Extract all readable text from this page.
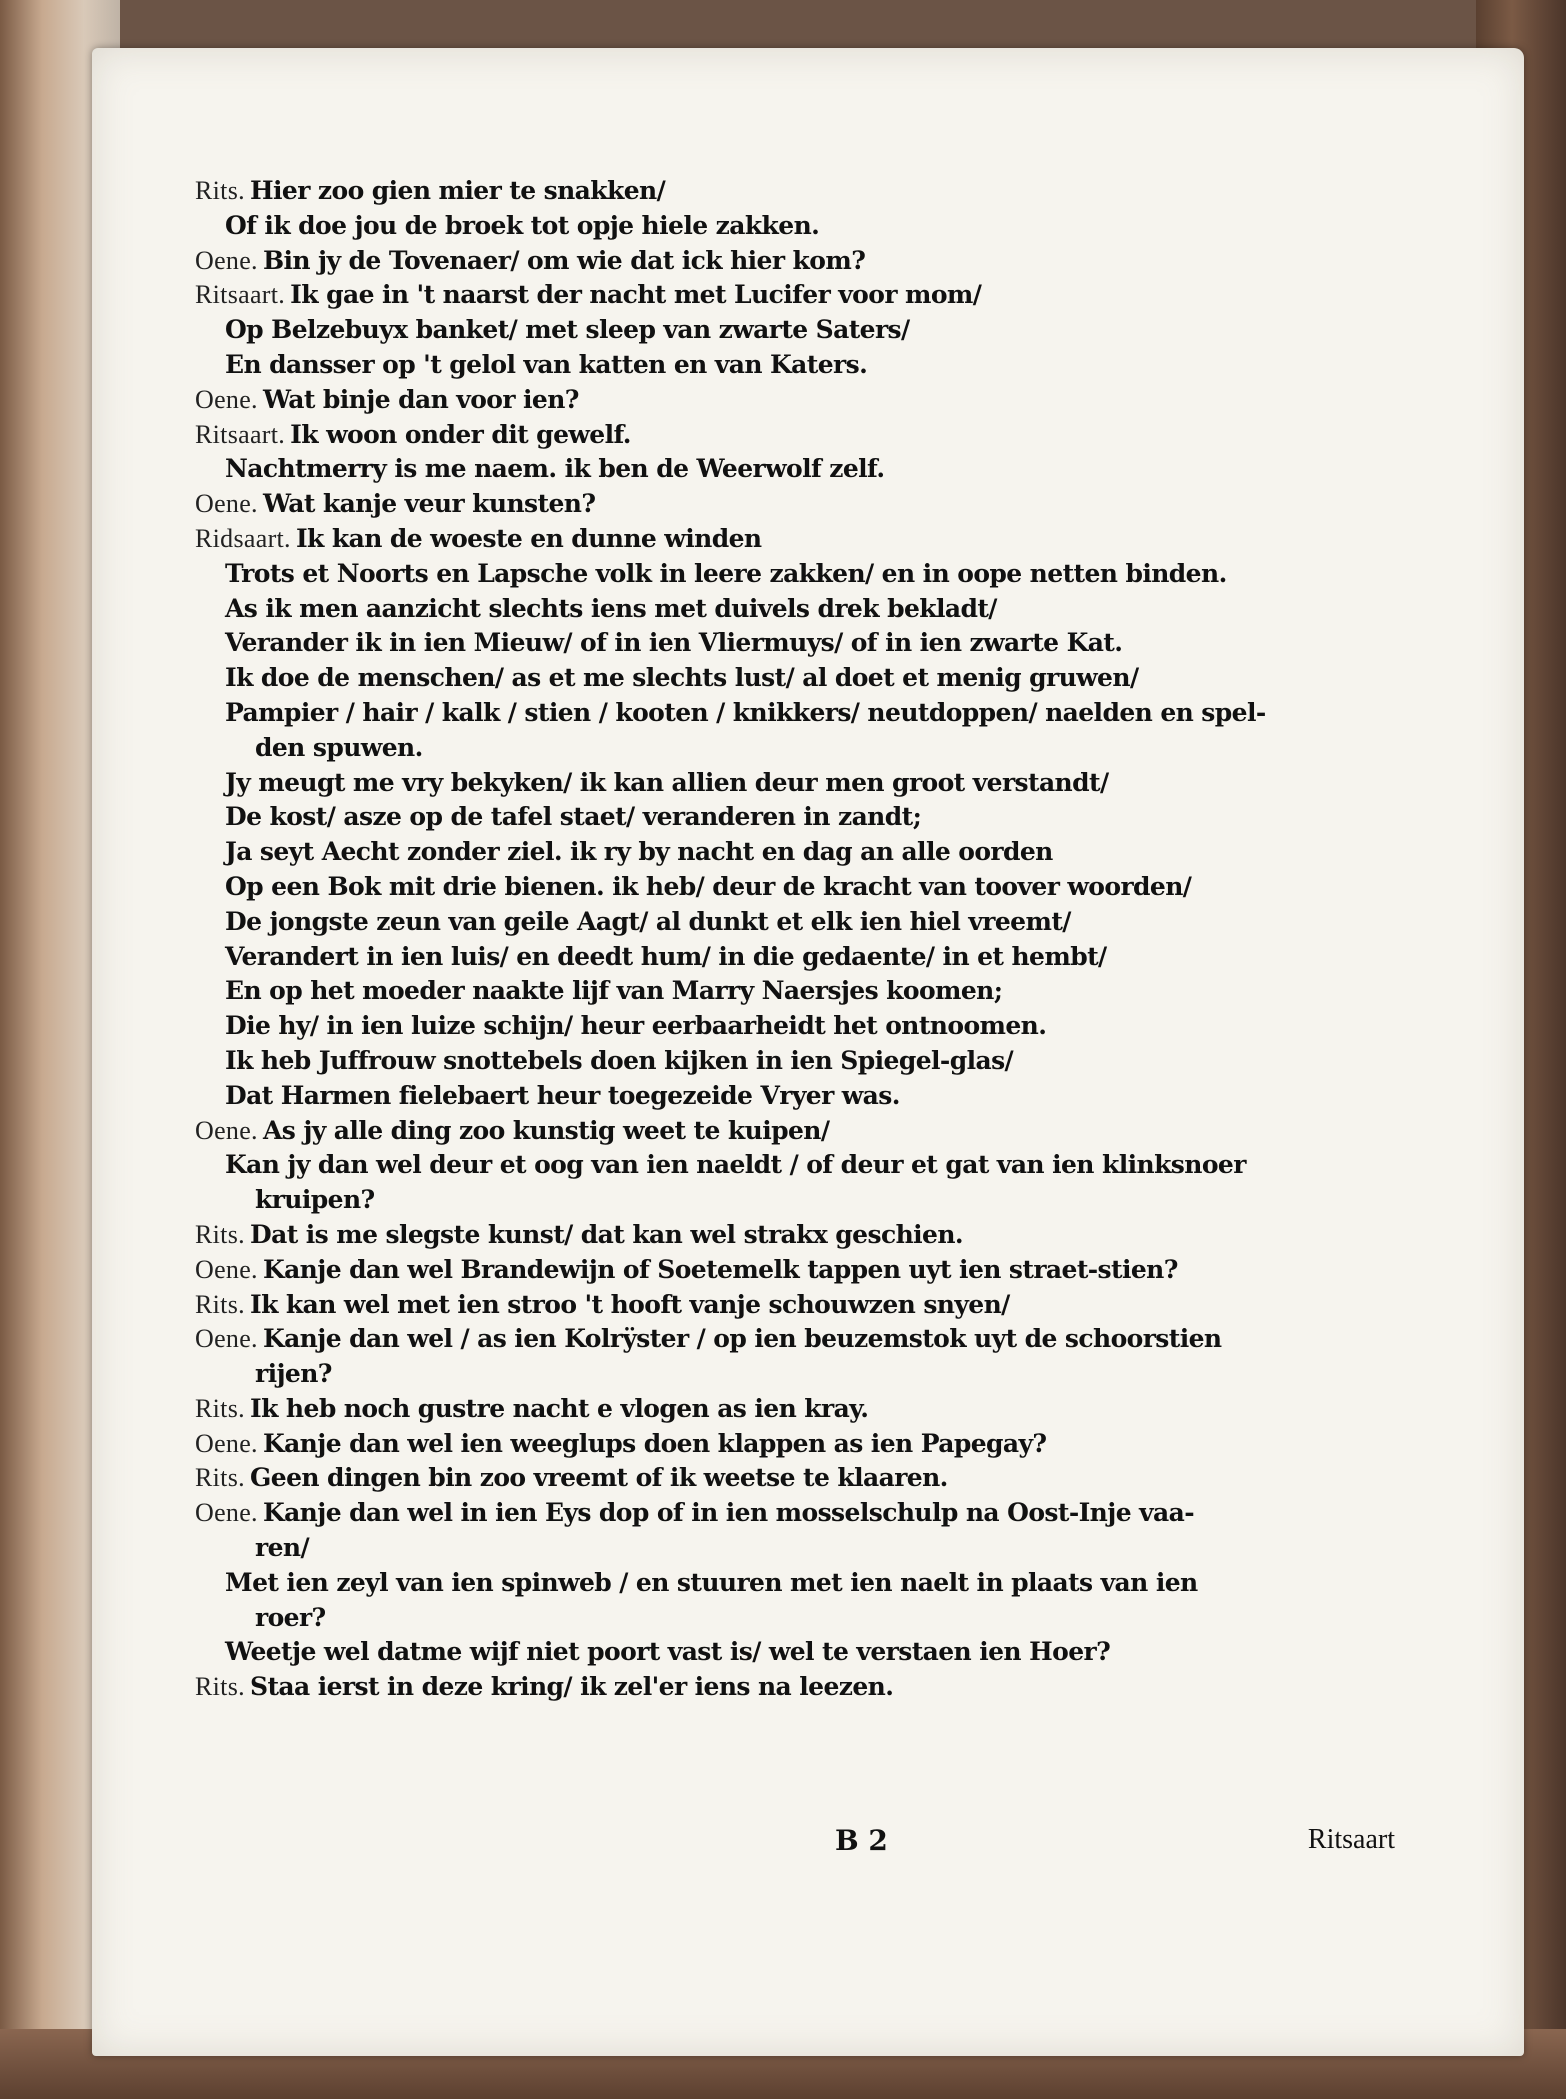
Rits. Hier zoo gien mier te snakken/
Of ik doe jou de broek tot opje hiele zakken.
Oene. Bin jy de Tovenaer/ om wie dat ick hier kom?
Ritsaart. Ik gae in 't naarst der nacht met Lucifer voor mom/
Op Belzebuyx banket/ met sleep van zwarte Saters/
En dansser op 't gelol van katten en van Katers.
Oene. Wat binje dan voor ien?
Ritsaart. Ik woon onder dit gewelf.
Nachtmerry is me naem. ik ben de Weerwolf zelf.
Oene. Wat kanje veur kunsten?
Ridsaart. Ik kan de woeste en dunne winden
Trots et Noorts en Lapsche volk in leere zakken/ en in oope netten binden.
As ik men aanzicht slechts iens met duivels drek bekladt/
Verander ik in ien Mieuw/ of in ien Vliermuys/ of in ien zwarte Kat.
Ik doe de menschen/ as et me slechts lust/ al doet et menig gruwen/
Pampier / hair / kalk / stien / kooten / knikkers/ neutdoppen/ naelden en spel-
den spuwen.
Jy meugt me vry bekyken/ ik kan allien deur men groot verstandt/
De kost/ asze op de tafel staet/ veranderen in zandt;
Ja seyt Aecht zonder ziel. ik ry by nacht en dag an alle oorden
Op een Bok mit drie bienen. ik heb/ deur de kracht van toover woorden/
De jongste zeun van geile Aagt/ al dunkt et elk ien hiel vreemt/
Verandert in ien luis/ en deedt hum/ in die gedaente/ in et hembt/
En op het moeder naakte lijf van Marry Naersjes koomen;
Die hy/ in ien luize schijn/ heur eerbaarheidt het ontnoomen.
Ik heb Juffrouw snottebels doen kijken in ien Spiegel-glas/
Dat Harmen fielebaert heur toegezeide Vryer was.
Oene. As jy alle ding zoo kunstig weet te kuipen/
Kan jy dan wel deur et oog van ien naeldt / of deur et gat van ien klinksnoer
kruipen?
Rits. Dat is me slegste kunst/ dat kan wel strakx geschien.
Oene. Kanje dan wel Brandewijn of Soetemelk tappen uyt ien straet-stien?
Rits. Ik kan wel met ien stroo 't hooft vanje schouwzen snyen/
Oene. Kanje dan wel / as ien Kolrÿster / op ien beuzemstok uyt de schoorstien
rijen?
Rits. Ik heb noch gustre nacht e vlogen as ien kray.
Oene. Kanje dan wel ien weeglups doen klappen as ien Papegay?
Rits. Geen dingen bin zoo vreemt of ik weetse te klaaren.
Oene. Kanje dan wel in ien Eys dop of in ien mosselschulp na Oost-Inje vaa-
ren/
Met ien zeyl van ien spinweb / en stuuren met ien naelt in plaats van ien
roer?
Weetje wel datme wijf niet poort vast is/ wel te verstaen ien Hoer?
Rits. Staa ierst in deze kring/ ik zel'er iens na leezen.
B 2	Ritsaart
